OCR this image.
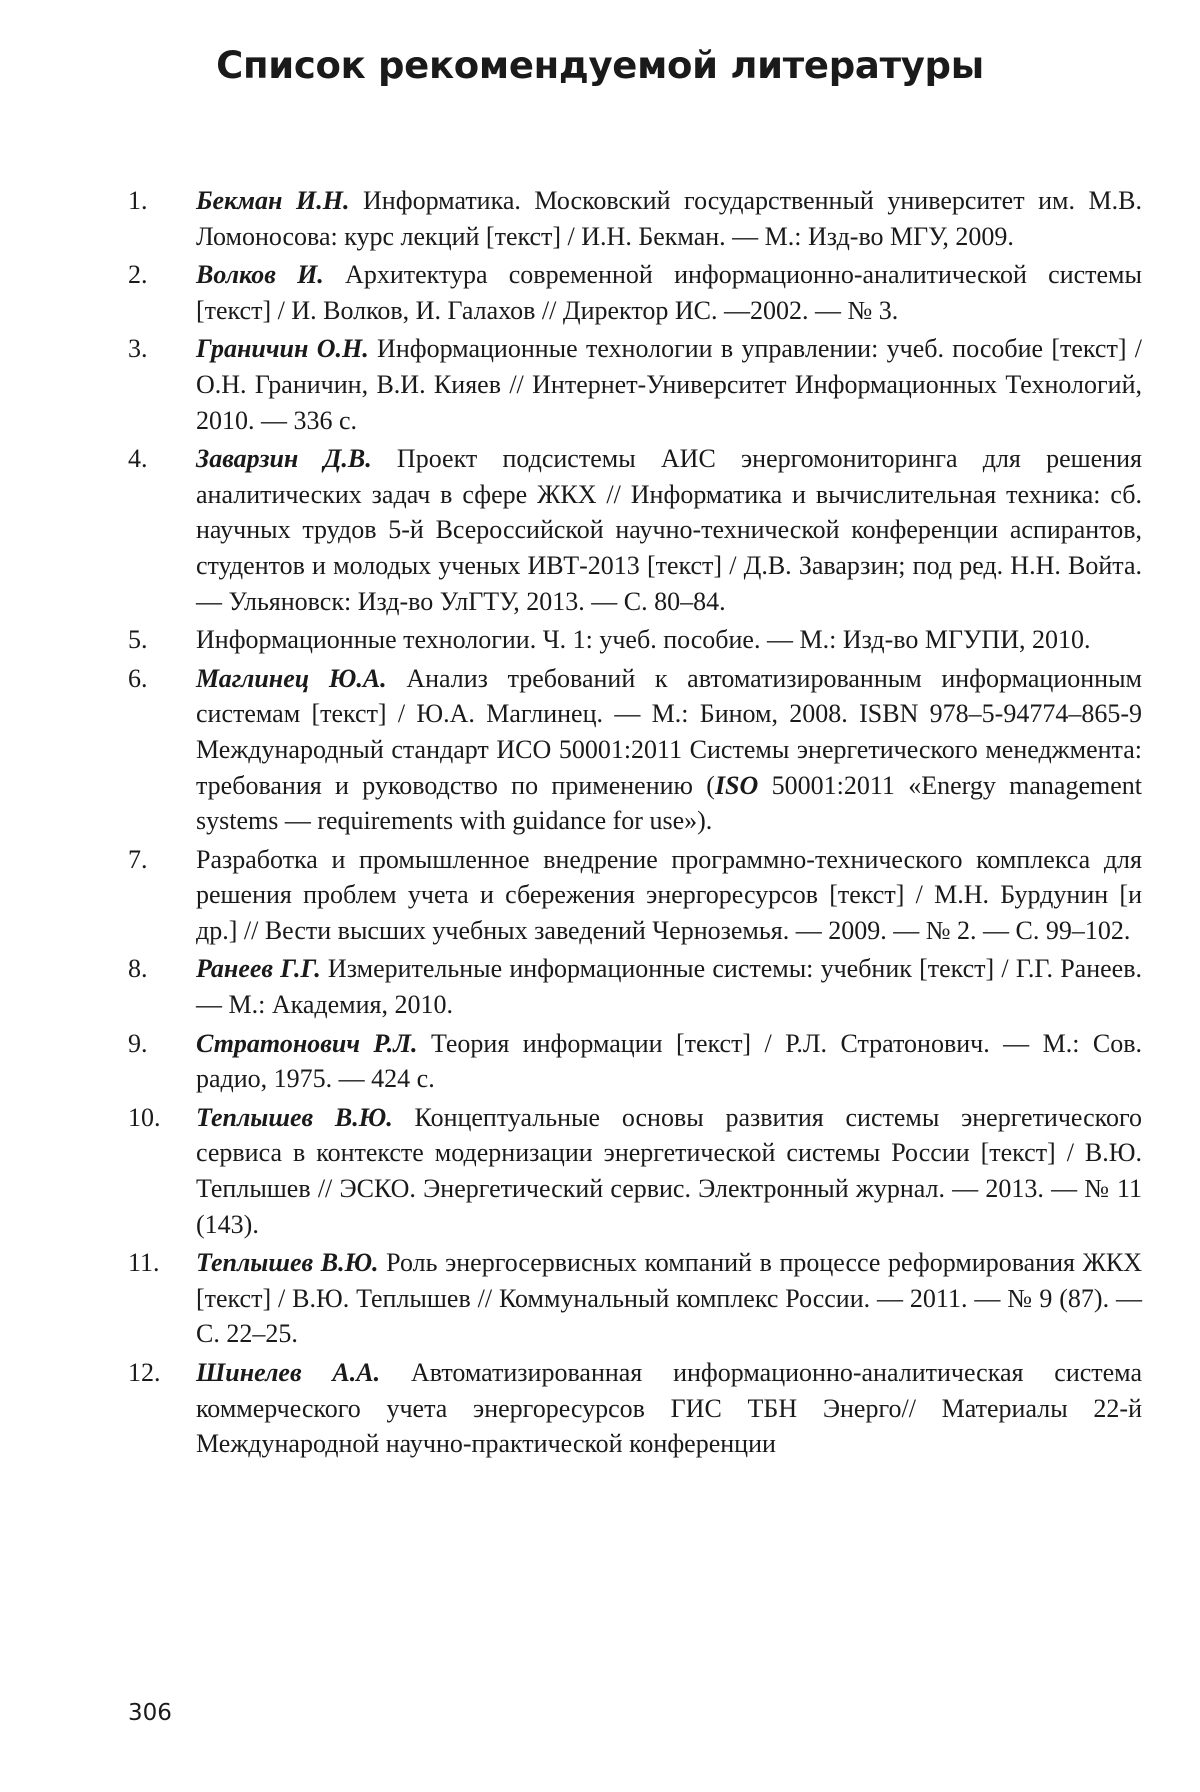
Список рекомендуемой литературы
1.	Бекман И.Н. Информатика. Московский государственный университет им. М.В. Ломоносова: курс лекций [текст] / И.Н. Бекман. — М.: Изд-во МГУ, 2009.
2.	Волков И. Архитектура современной информационно-аналитической системы [текст] / И. Волков, И. Галахов // Директор ИС. —2002. — № 3.
3.	Граничин О.Н. Информационные технологии в управлении: учеб. пособие [текст] / О.Н. Граничин, В.И. Кияев // Интернет-Университет Информационных Технологий, 2010. — 336 с.
4.	Заварзин Д.В. Проект подсистемы АИС энергомониторинга для решения аналитических задач в сфере ЖКХ // Информатика и вычислительная техника: сб. научных трудов 5-й Всероссийской научно-технической конференции аспирантов, студентов и молодых ученых ИВТ-2013 [текст] / Д.В. Заварзин; под ред. Н.Н. Войта. — Ульяновск: Изд-во УлГТУ, 2013. — С. 80–84.
5.	Информационные технологии. Ч. 1: учеб. пособие. — М.: Изд-во МГУПИ, 2010.
6.	Маглинец Ю.А. Анализ требований к автоматизированным информационным системам [текст] / Ю.А. Маглинец. — М.: Бином, 2008. ISBN 978–5-94774–865-9 Международный стандарт ИСО 50001:2011 Системы энергетического менеджмента: требования и руководство по применению (ISO 50001:2011 «Energy management systems — requirements with guidance for use»).
7.	Разработка и промышленное внедрение программно-технического комплекса для решения проблем учета и сбережения энергоресурсов [текст] / М.Н. Бурдунин [и др.] // Вести высших учебных заведений Черноземья. — 2009. — № 2. — С. 99–102.
8.	Ранеев Г.Г. Измерительные информационные системы: учебник [текст] / Г.Г. Ранеев. — М.: Академия, 2010.
9.	Стратонович Р.Л. Теория информации [текст] / Р.Л. Стратонович. — М.: Сов. радио, 1975. — 424 с.
10.	Теплышев В.Ю. Концептуальные основы развития системы энергетического сервиса в контексте модернизации энергетической системы России [текст] / В.Ю. Теплышев // ЭСКО. Энергетический сервис. Электронный журнал. — 2013. — № 11 (143).
11.	Теплышев В.Ю. Роль энергосервисных компаний в процессе реформирования ЖКХ [текст] / В.Ю. Теплышев // Коммунальный комплекс России. — 2011. — № 9 (87). — С. 22–25.
12.	Шинелев А.А. Автоматизированная информационно-аналитическая система коммерческого учета энергоресурсов ГИС ТБН Энерго// Материалы 22-й Международной научно-практической конференции

306
